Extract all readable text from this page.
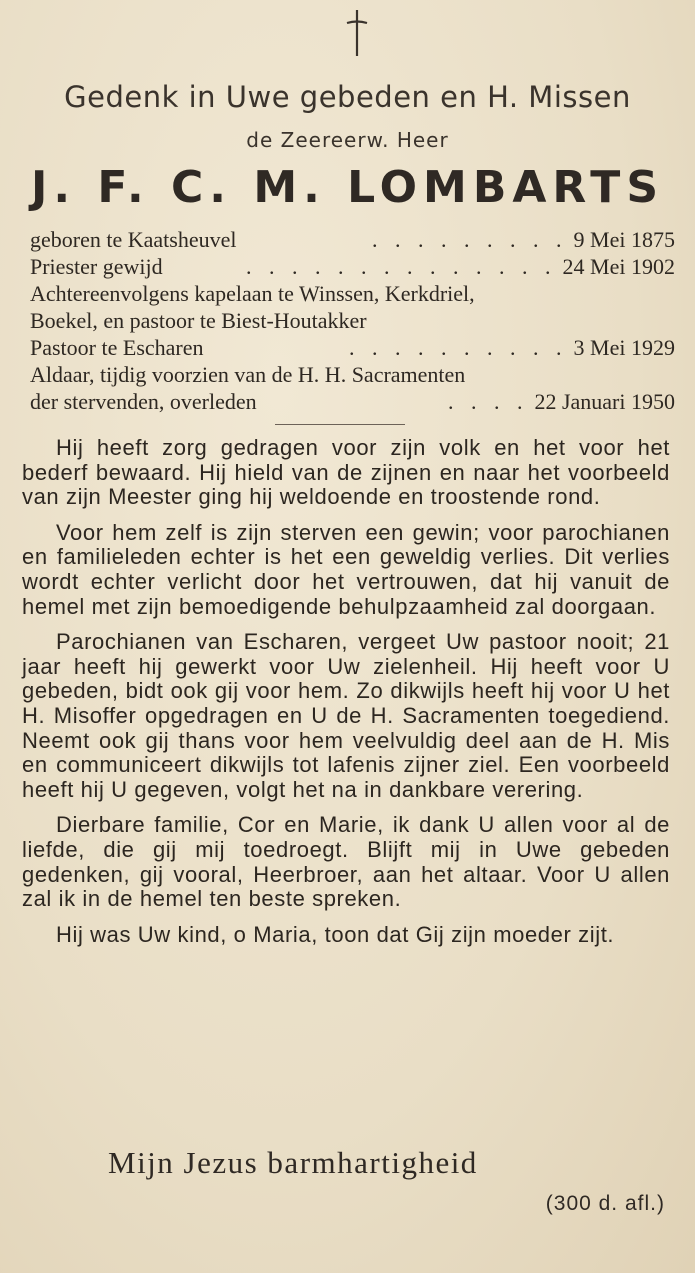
Gedenk in Uwe gebeden en H. Missen
de Zeereerw. Heer
J. F. C. M. LOMBARTS
geboren te Kaatsheuvel	. . . . . . . . . 9 Mei 1875
Priester gewijd	. . . . . . . . . . . . . . 24 Mei 1902
Achtereenvolgens kapelaan te Winssen, Kerkdriel,
Boekel, en pastoor te Biest-Houtakker
Pastoor te Escharen	. . . . . . . . . . 3 Mei 1929
Aldaar, tijdig voorzien van de H. H. Sacramenten
der stervenden, overleden	. . . . 22 Januari 1950

Hij heeft zorg gedragen voor zijn volk en het voor het bederf bewaard. Hij hield van de zijnen en naar het voorbeeld van zijn Meester ging hij weldoende en troostende rond.

Voor hem zelf is zijn sterven een gewin; voor parochianen en familieleden echter is het een geweldig verlies. Dit verlies wordt echter verlicht door het vertrouwen, dat hij vanuit de hemel met zijn bemoedigende behulpzaamheid zal doorgaan.

Parochianen van Escharen, vergeet Uw pastoor nooit; 21 jaar heeft hij gewerkt voor Uw zielenheil. Hij heeft voor U gebeden, bidt ook gij voor hem. Zo dikwijls heeft hij voor U het H. Misoffer opgedragen en U de H. Sacramenten toegediend. Neemt ook gij thans voor hem veelvuldig deel aan de H. Mis en communiceert dikwijls tot lafenis zijner ziel. Een voorbeeld heeft hij U gegeven, volgt het na in dankbare verering.

Dierbare familie, Cor en Marie, ik dank U allen voor al de liefde, die gij mij toedroegt. Blijft mij in Uwe gebeden gedenken, gij vooral, Heerbroer, aan het altaar. Voor U allen zal ik in de hemel ten beste spreken.

Hij was Uw kind, o Maria, toon dat Gij zijn moeder zijt.

Mijn Jezus barmhartigheid
(300 d. afl.)
